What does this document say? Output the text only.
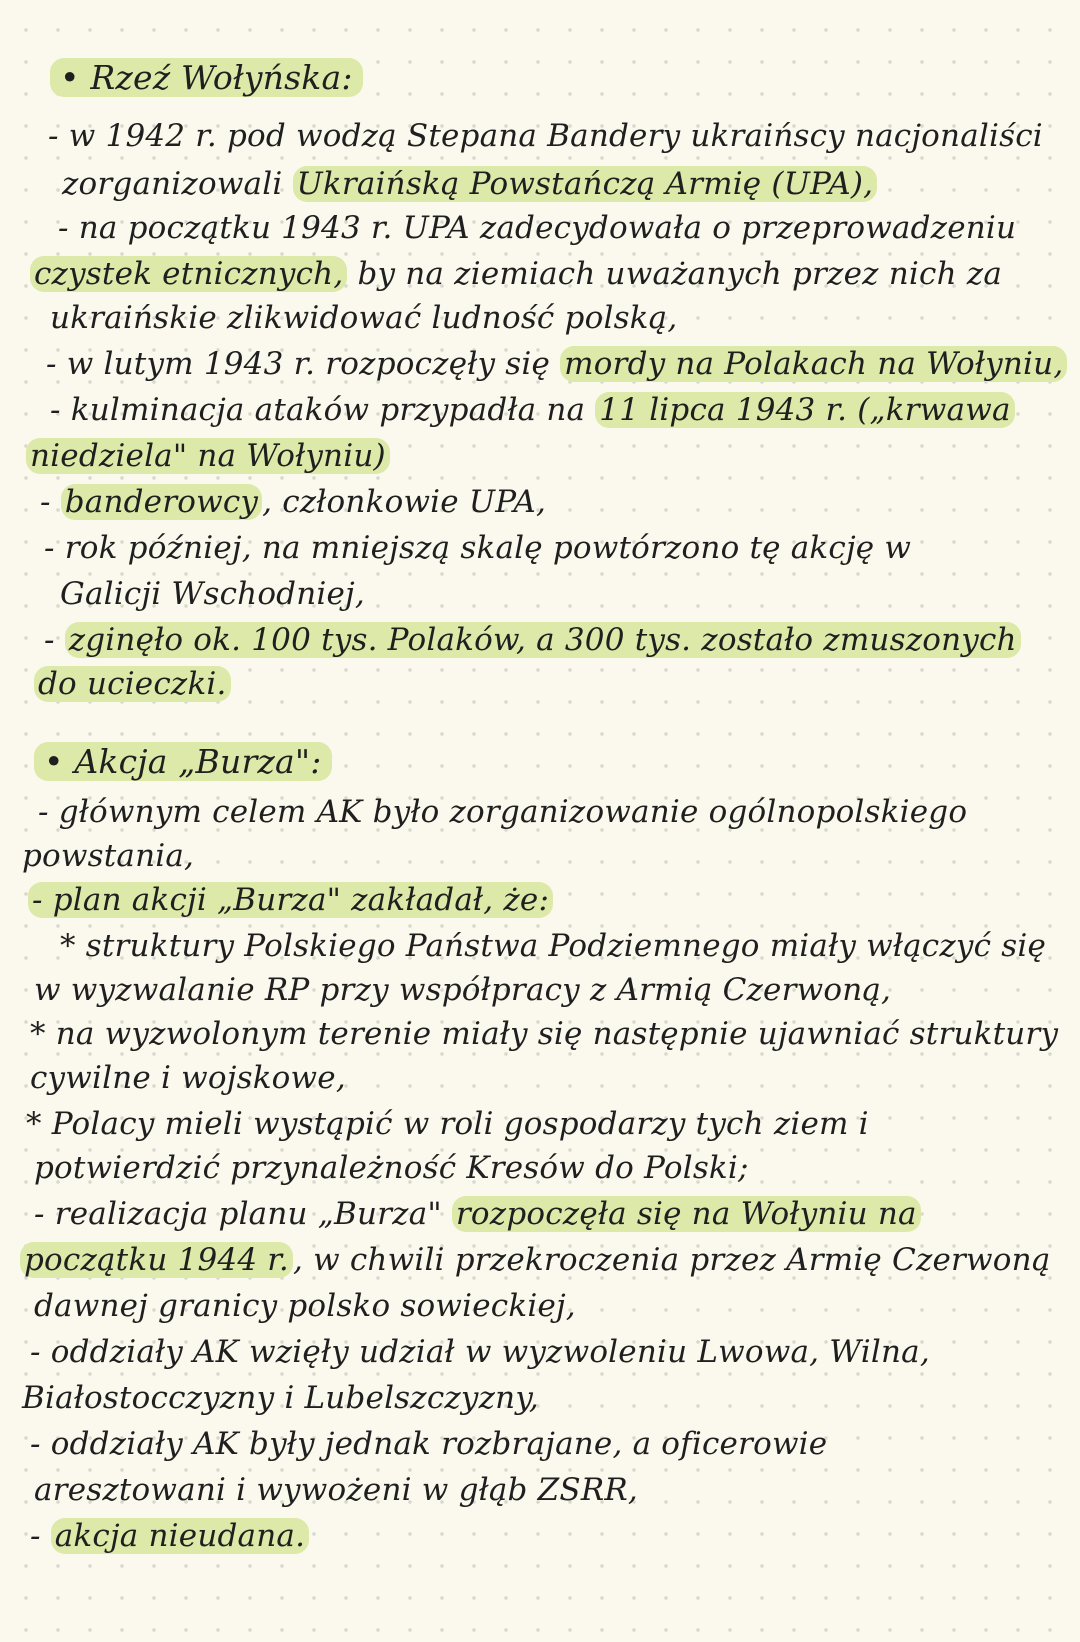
• Rzeź Wołyńska:
- w 1942 r. pod wodzą Stepana Bandery ukraińscy nacjonaliści
zorganizowali Ukraińską Powstańczą Armię (UPA),
- na początku 1943 r. UPA zadecydowała o przeprowadzeniu
czystek etnicznych, by na ziemiach uważanych przez nich za
ukraińskie zlikwidować ludność polską,
- w lutym 1943 r. rozpoczęły się mordy na Polakach na Wołyniu,
- kulminacja ataków przypadła na 11 lipca 1943 r. („krwawa
niedziela" na Wołyniu)
- banderowcy , członkowie UPA,
- rok później, na mniejszą skalę powtórzono tę akcję w
Galicji Wschodniej,
- zginęło ok. 100 tys. Polaków, a 300 tys. zostało zmuszonych
do ucieczki.
• Akcja „Burza":
- głównym celem AK było zorganizowanie ogólnopolskiego
powstania,
- plan akcji „Burza" zakładał, że:
* struktury Polskiego Państwa Podziemnego miały włączyć się
w wyzwalanie RP przy współpracy z Armią Czerwoną,
* na wyzwolonym terenie miały się następnie ujawniać struktury
cywilne i wojskowe,
* Polacy mieli wystąpić w roli gospodarzy tych ziem i
potwierdzić przynależność Kresów do Polski;
- realizacja planu „Burza" rozpoczęła się na Wołyniu na
początku 1944 r. , w chwili przekroczenia przez Armię Czerwoną
dawnej granicy polsko sowieckiej,
- oddziały AK wzięły udział w wyzwoleniu Lwowa, Wilna,
Białostocczyzny i Lubelszczyzny,
- oddziały AK były jednak rozbrajane, a oficerowie
aresztowani i wywożeni w głąb ZSRR,
- akcja nieudana.
